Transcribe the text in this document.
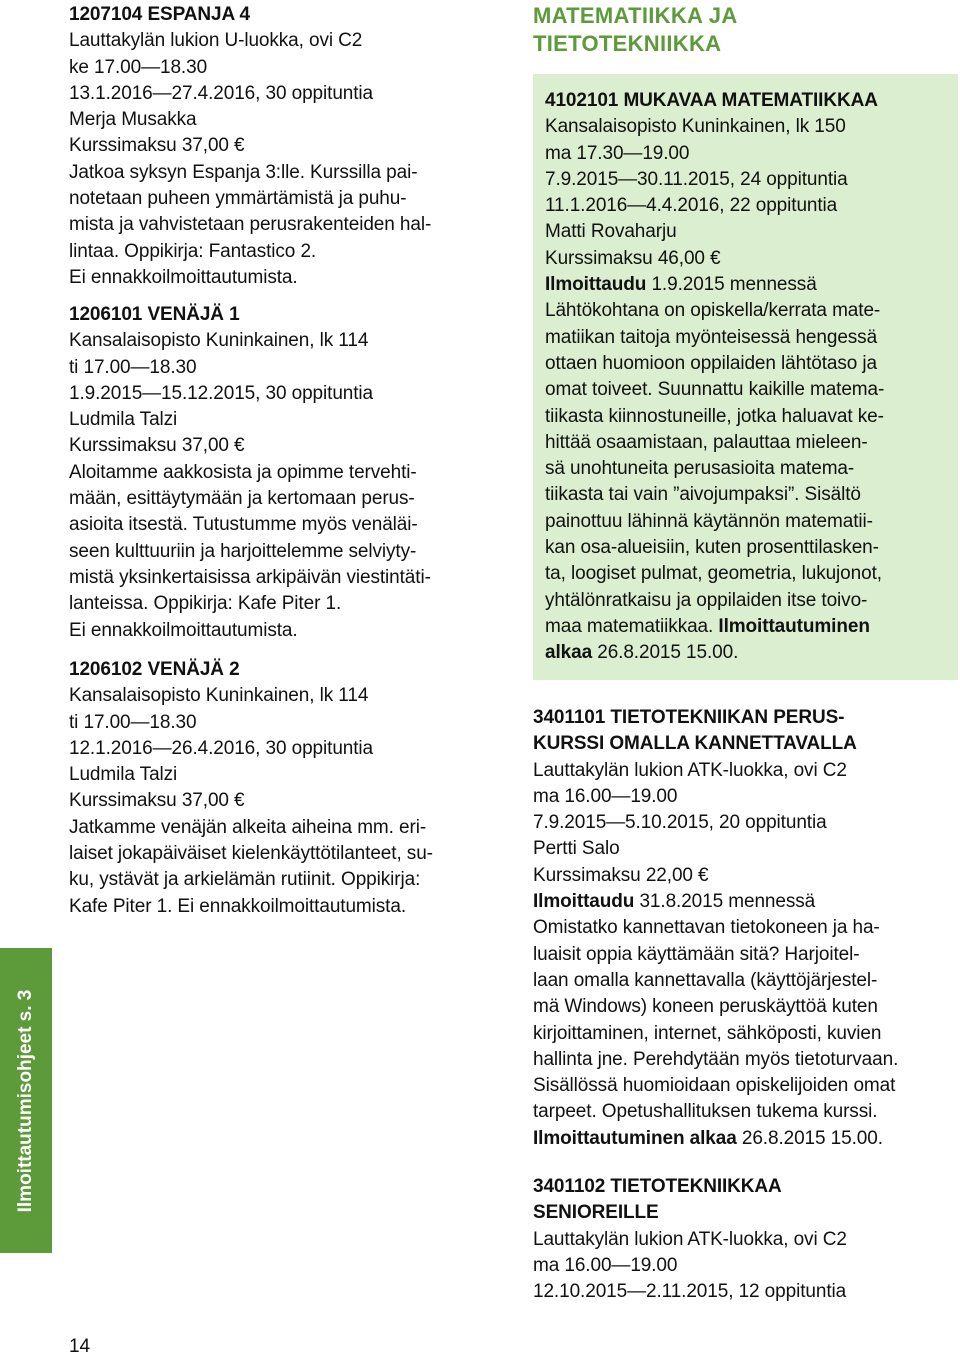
1207104 ESPANJA 4
Lauttakylän lukion U-luokka, ovi C2
ke 17.00—18.30
13.1.2016—27.4.2016, 30 oppituntia
Merja Musakka
Kurssimaksu 37,00 €
Jatkoa syksyn Espanja 3:lle. Kurssilla pai-
notetaan puheen ymmärtämistä ja puhu-
mista ja vahvistetaan perusrakenteiden hal-
lintaa. Oppikirja: Fantastico 2.
Ei ennakkoilmoittautumista.
1206101 VENÄJÄ 1
Kansalaisopisto Kuninkainen, lk 114
ti 17.00—18.30
1.9.2015—15.12.2015, 30 oppituntia
Ludmila Talzi
Kurssimaksu 37,00 €
Aloitamme aakkosista ja opimme tervehti-
mään, esittäytymään ja kertomaan perus-
asioita itsestä. Tutustumme myös venäläi-
seen kulttuuriin ja harjoittelemme selviyty-
mistä yksinkertaisissa arkipäivän viestintäti-
lanteissa. Oppikirja: Kafe Piter 1.
Ei ennakkoilmoittautumista.
1206102 VENÄJÄ 2
Kansalaisopisto Kuninkainen, lk 114
ti 17.00—18.30
12.1.2016—26.4.2016, 30 oppituntia
Ludmila Talzi
Kurssimaksu 37,00 €
Jatkamme venäjän alkeita aiheina mm. eri-
laiset jokapäiväiset kielenkäyttötilanteet, su-
ku, ystävät ja arkielämän rutiinit. Oppikirja:
Kafe Piter 1. Ei ennakkoilmoittautumista.
MATEMATIIKKA JA
TIETOTEKNIIKKA
4102101 MUKAVAA MATEMATIIKKAA
Kansalaisopisto Kuninkainen, lk 150
ma 17.30—19.00
7.9.2015—30.11.2015, 24 oppituntia
11.1.2016—4.4.2016, 22 oppituntia
Matti Rovaharju
Kurssimaksu 46,00 €
Ilmoittaudu 1.9.2015 mennessä
Lähtökohtana on opiskella/kerrata mate-
matiikan taitoja myönteisessä hengessä
ottaen huomioon oppilaiden lähtötaso ja
omat toiveet. Suunnattu kaikille matema-
tiikasta kiinnostuneille, jotka haluavat ke-
hittää osaamistaan, palauttaa mieleen-
sä unohtuneita perusasioita matema-
tiikasta tai vain ”aivojumpaksi”. Sisältö
painottuu lähinnä käytännön matematii-
kan osa-alueisiin, kuten prosenttilasken-
ta, loogiset pulmat, geometria, lukujonot,
yhtälönratkaisu ja oppilaiden itse toivo-
maa matematiikkaa. Ilmoittautuminen
alkaa 26.8.2015 15.00.
3401101 TIETOTEKNIIKAN PERUS-
KURSSI OMALLA KANNETTAVALLA
Lauttakylän lukion ATK-luokka, ovi C2
ma 16.00—19.00
7.9.2015—5.10.2015, 20 oppituntia
Pertti Salo
Kurssimaksu 22,00 €
Ilmoittaudu 31.8.2015 mennessä
Omistatko kannettavan tietokoneen ja ha-
luaisit oppia käyttämään sitä? Harjoitel-
laan omalla kannettavalla (käyttöjärjestel-
mä Windows) koneen peruskäyttöä kuten
kirjoittaminen, internet, sähköposti, kuvien
hallinta jne. Perehdytään myös tietoturvaan.
Sisällössä huomioidaan opiskelijoiden omat
tarpeet. Opetushallituksen tukema kurssi.
Ilmoittautuminen alkaa 26.8.2015 15.00.
3401102 TIETOTEKNIIKKAA
SENIOREILLE
Lauttakylän lukion ATK-luokka, ovi C2
ma 16.00—19.00
12.10.2015—2.11.2015, 12 oppituntia
Ilmoittautumisohjeet s. 3
14
